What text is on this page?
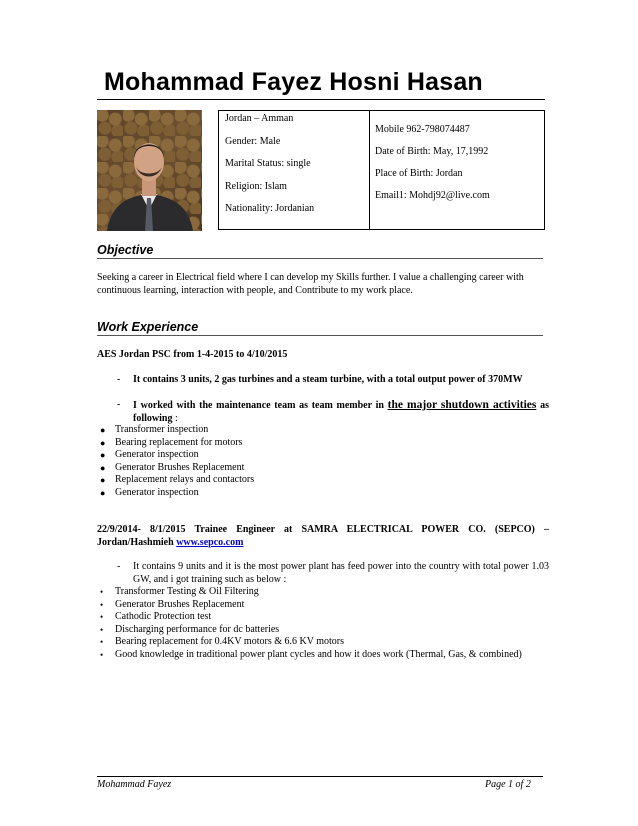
Mohammad Fayez Hosni Hasan
Jordan – Amman
Gender: Male
Marital Status: single
Religion: Islam
Nationality: Jordanian
Mobile 962-798074487
Date of Birth: May, 17,1992
Place of Birth: Jordan
Email1: Mohdj92@live.com
Objective
Seeking a career in Electrical field where I can develop my Skills further. I value a challenging career with continuous learning, interaction with people, and Contribute to my work place.
Work Experience
AES Jordan PSC from 1-4-2015 to 4/10/2015
- It contains 3 units, 2 gas turbines and a steam turbine, with a total output power of 370MW
- I worked with the maintenance team as team member in the major shutdown activities as following :
● Transformer inspection
● Bearing replacement for motors
● Generator inspection
● Generator Brushes Replacement
● Replacement relays and contactors
● Generator inspection
22/9/2014- 8/1/2015 Trainee Engineer at SAMRA ELECTRICAL POWER CO. (SEPCO) – Jordan/Hashmieh www.sepco.com
- It contains 9 units and it is the most power plant has feed power into the country with total power 1.03 GW, and i got training such as below :
• Transformer Testing & Oil Filtering
• Generator Brushes Replacement
• Cathodic Protection test
• Discharging performance for dc batteries
• Bearing replacement for 0.4KV motors & 6.6 KV motors
• Good knowledge in traditional power plant cycles and how it does work (Thermal, Gas, & combined)
Mohammad Fayez	Page 1 of 2
